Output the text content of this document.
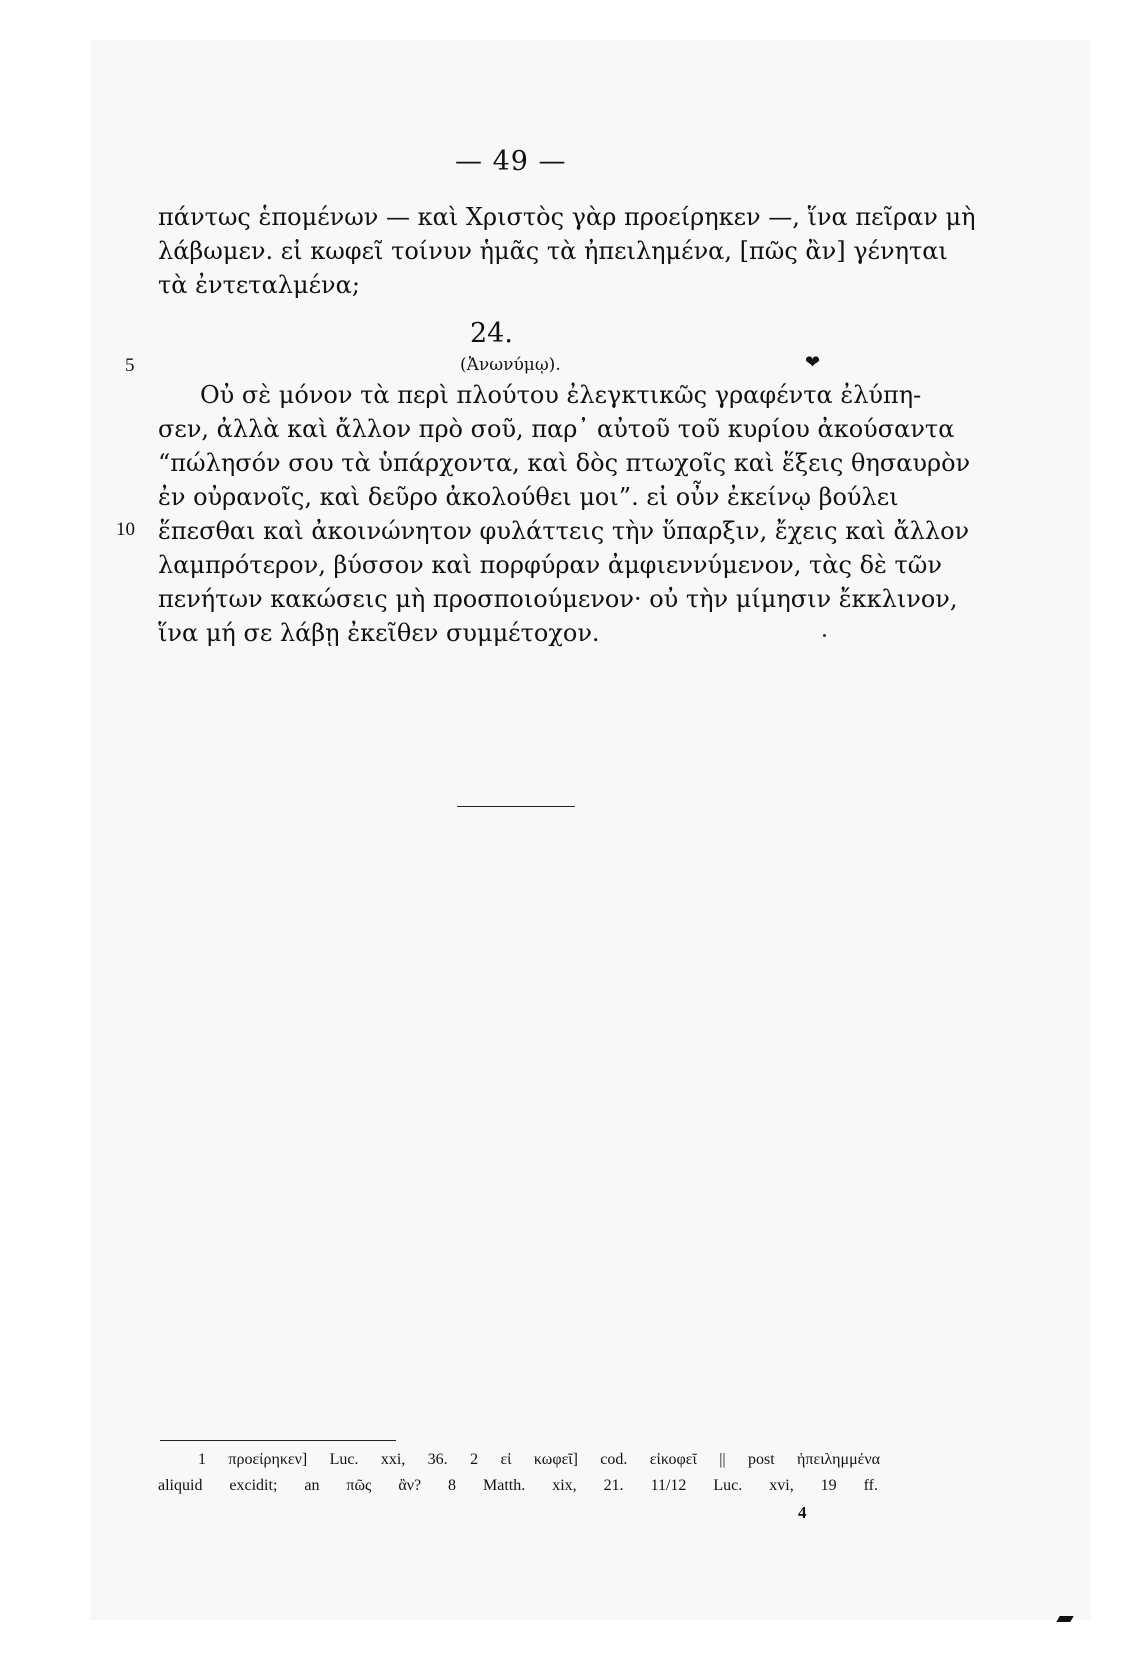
— 49 —
πάντως ἑπομένων — καὶ Χριστὸς γὰρ προείρηκεν —, ἵνα πεῖραν μὴ
λάβωμεν. εἰ κωφεῖ τοίνυν ἡμᾶς τὰ ἠπειλημένα, [πῶς ἂν] γένηται
τὰ ἐντεταλμένα;
24.
5	(Ἀνωνύμῳ).	❤
Οὐ σὲ μόνον τὰ περὶ πλούτου ἐλεγκτικῶς γραφέντα ἐλύπη-
σεν, ἀλλὰ καὶ ἄλλον πρὸ σοῦ, παρ᾽ αὐτοῦ τοῦ κυρίου ἀκούσαντα
“πώλησόν σου τὰ ὑπάρχοντα, καὶ δὸς πτωχοῖς καὶ ἕξεις θησαυρὸν
ἐν οὐρανοῖς, καὶ δεῦρο ἀκολούθει μοι”. εἰ οὖν ἐκείνῳ βούλει
10 ἕπεσθαι καὶ ἀκοινώνητον φυλάττεις τὴν ὕπαρξιν, ἔχεις καὶ ἄλλον
λαμπρότερον, βύσσον καὶ πορφύραν ἀμφιεννύμενον, τὰς δὲ τῶν
πενήτων κακώσεις μὴ προσποιούμενον· οὐ τὴν μίμησιν ἔκκλινον,
ἵνα μή σε λάβῃ ἐκεῖθεν συμμέτοχον.
1 προείρηκεν] Luc. xxi, 36. 2 εἰ κωφεῖ] cod. εἰκοφεῖ || post ἠπειλημμένα
aliquid excidit; an πῶς ἂν? 8 Matth. xix, 21. 11/12 Luc. xvi, 19 ff.
4
